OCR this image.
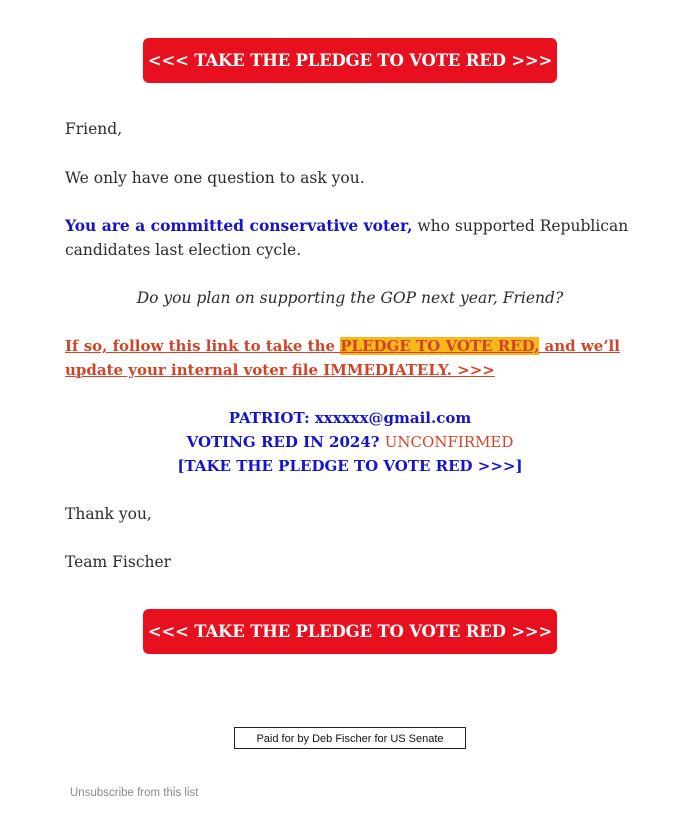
<<< TAKE THE PLEDGE TO VOTE RED >>>

Friend,

We only have one question to ask you.

You are a committed conservative voter, who supported Republican candidates last election cycle.

Do you plan on supporting the GOP next year, Friend?

If so, follow this link to take the PLEDGE TO VOTE RED, and we’ll update your internal voter file IMMEDIATELY. >>>

PATRIOT: xxxxxx@gmail.com
VOTING RED IN 2024? UNCONFIRMED
[TAKE THE PLEDGE TO VOTE RED >>>]

Thank you,

Team Fischer

<<< TAKE THE PLEDGE TO VOTE RED >>>
Paid for by Deb Fischer for US Senate
Unsubscribe from this list
